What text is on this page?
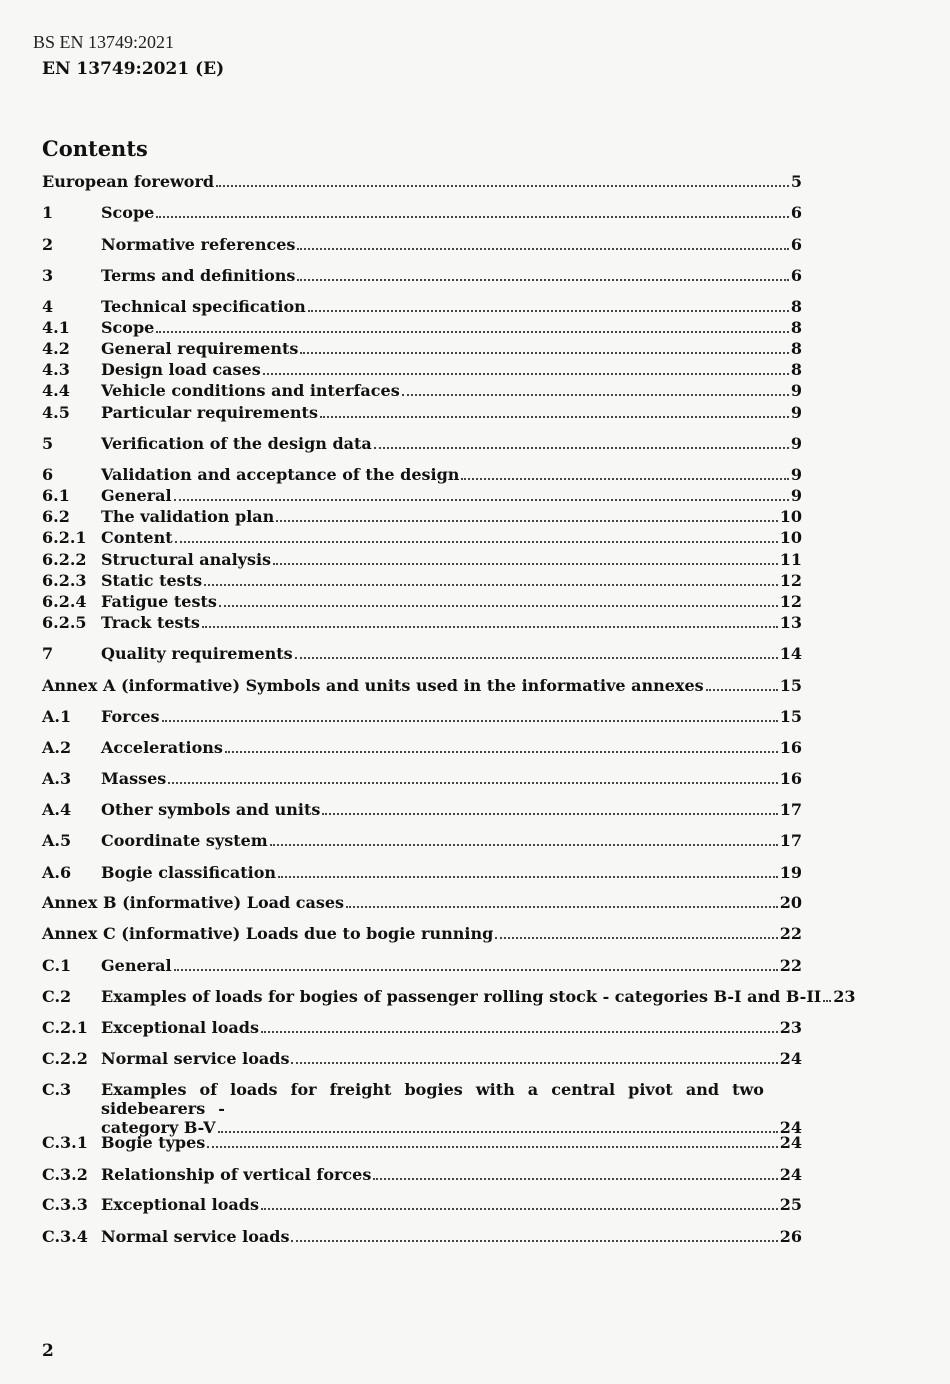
BS EN 13749:2021
EN 13749:2021 (E)
Contents
European foreword	5
1	Scope	6
2	Normative references	6
3	Terms and definitions	6
4	Technical specification	8
4.1	Scope	8
4.2	General requirements	8
4.3	Design load cases	8
4.4	Vehicle conditions and interfaces	9
4.5	Particular requirements	9
5	Verification of the design data	9
6	Validation and acceptance of the design	9
6.1	General	9
6.2	The validation plan	10
6.2.1 Content	10
6.2.2 Structural analysis	11
6.2.3 Static tests	12
6.2.4 Fatigue tests	12
6.2.5 Track tests	13
7	Quality requirements	14
Annex A (informative) Symbols and units used in the informative annexes	15
A.1	Forces	15
A.2	Accelerations	16
A.3	Masses	16
A.4	Other symbols and units	17
A.5	Coordinate system	17
A.6	Bogie classification	19
Annex B (informative) Load cases	20
Annex C (informative) Loads due to bogie running	22
C.1	General	22
C.2	Examples of loads for bogies of passenger rolling stock - categories B-I and B-II 23
C.2.1 Exceptional loads	23
C.2.2 Normal service loads	24
C.3	Examples of loads for freight bogies with a central pivot and two sidebearers -
category B-V	24
C.3.1 Bogie types	24
C.3.2 Relationship of vertical forces	24
C.3.3 Exceptional loads	25
C.3.4 Normal service loads	26
2
